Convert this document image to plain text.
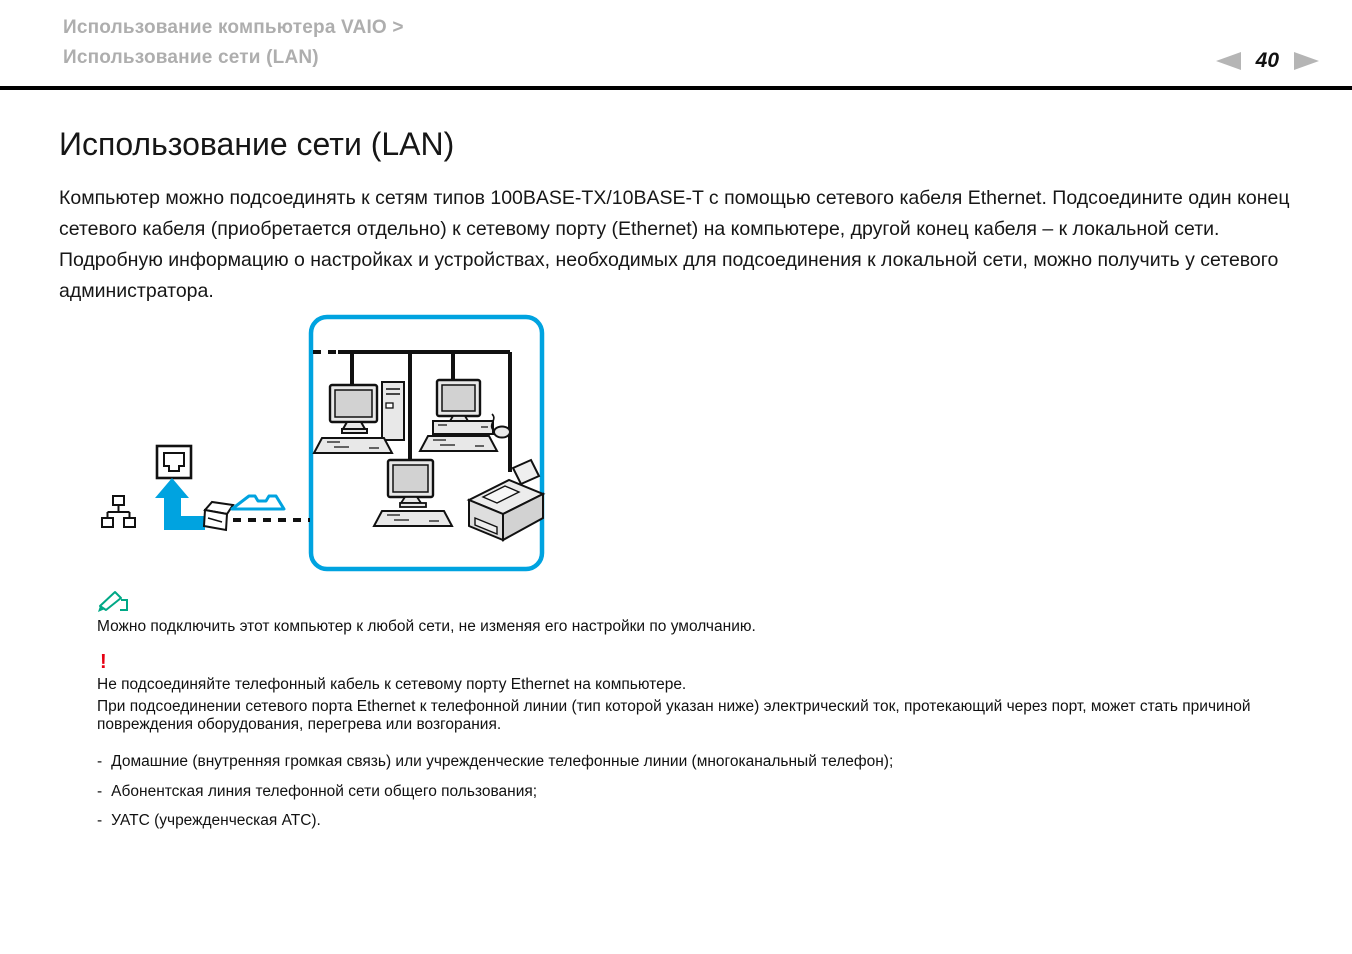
Использование компьютера VAIO >
Использование сети (LAN)	40
Использование сети (LAN)

Компьютер можно подсоединять к сетям типов 100BASE-TX/10BASE-T с помощью сетевого кабеля Ethernet. Подсоедините один конец сетевого кабеля (приобретается отдельно) к сетевому порту (Ethernet) на компьютере, другой конец кабеля – к локальной сети. Подробную информацию о настройках и устройствах, необходимых для подсоединения к локальной сети, можно получить у сетевого администратора.

Можно подключить этот компьютер к любой сети, не изменяя его настройки по умолчанию.

!

Не подсоединяйте телефонный кабель к сетевому порту Ethernet на компьютере.

При подсоединении сетевого порта Ethernet к телефонной линии (тип которой указан ниже) электрический ток, протекающий через порт, может стать причиной повреждения оборудования, перегрева или возгорания.

- Домашние (внутренняя громкая связь) или учрежденческие телефонные линии (многоканальный телефон);
- Абонентская линия телефонной сети общего пользования;
- УАТС (учрежденческая АТС).
